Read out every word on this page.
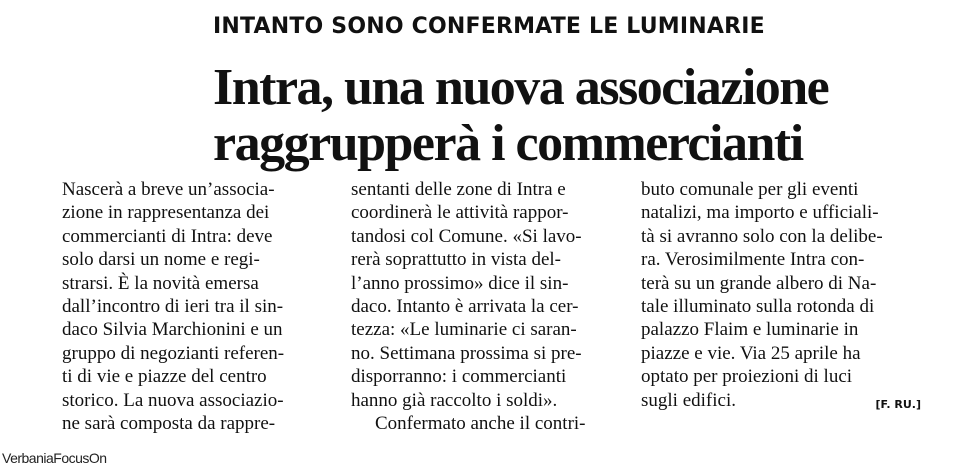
INTANTO SONO CONFERMATE LE LUMINARIE
Intra, una nuova associazione
raggrupperà i commercianti
Nascerà a breve un’associa-
zione in rappresentanza dei
commercianti di Intra: deve
solo darsi un nome e regi-
strarsi. È la novità emersa
dall’incontro di ieri tra il sin-
daco Silvia Marchionini e un
gruppo di negozianti referen-
ti di vie e piazze del centro
storico. La nuova associazio-
ne sarà composta da rappre-
sentanti delle zone di Intra e
coordinerà le attività rappor-
tandosi col Comune. «Si lavo-
rerà soprattutto in vista del-
l’anno prossimo» dice il sin-
daco. Intanto è arrivata la cer-
tezza: «Le luminarie ci saran-
no. Settimana prossima si pre-
disporranno: i commercianti
hanno già raccolto i soldi».
Confermato anche il contri-
buto comunale per gli eventi
natalizi, ma importo e ufficiali-
tà si avranno solo con la delibe-
ra. Verosimilmente Intra con-
terà su un grande albero di Na-
tale illuminato sulla rotonda di
palazzo Flaim e luminarie in
piazze e vie. Via 25 aprile ha
optato per proiezioni di luci
sugli edifici.	[F. RU.]
VerbaniaFocusOn
